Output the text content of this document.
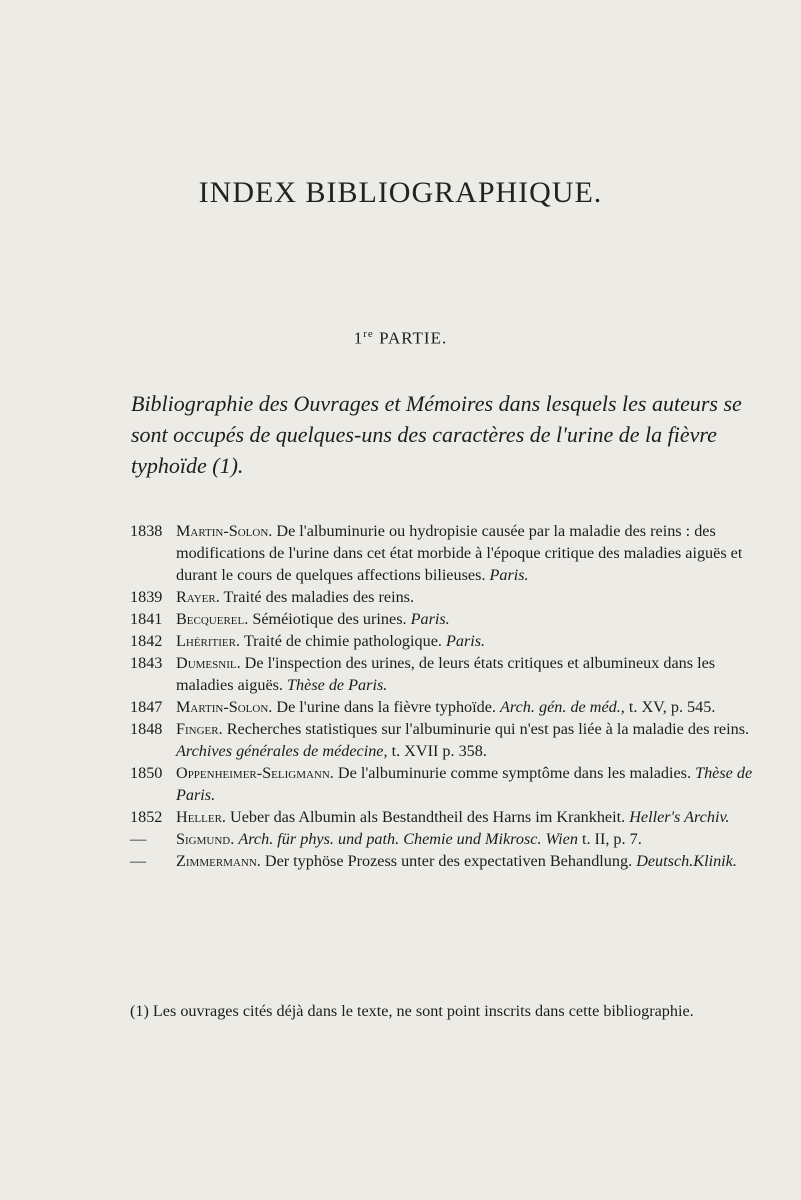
INDEX BIBLIOGRAPHIQUE.
1re PARTIE.
Bibliographie des Ouvrages et Mémoires dans lesquels les auteurs se sont occupés de quelques-uns des caractères de l'urine de la fièvre typhoïde (1).
1838 Martin-Solon. De l'albuminurie ou hydropisie causée par la maladie des reins : des modifications de l'urine dans cet état morbide à l'époque critique des maladies aiguës et durant le cours de quelques affections bilieuses. Paris.
1839 Rayer. Traité des maladies des reins.
1841 Becquerel. Séméiotique des urines. Paris.
1842 Lhéritier. Traité de chimie pathologique. Paris.
1843 Dumesnil. De l'inspection des urines, de leurs états critiques et albumineux dans les maladies aiguës. Thèse de Paris.
1847 Martin-Solon. De l'urine dans la fièvre typhoïde. Arch. gén. de méd., t. XV, p. 545.
1848 Finger. Recherches statistiques sur l'albuminurie qui n'est pas liée à la maladie des reins. Archives générales de médecine, t. XVII p. 358.
1850 Oppenheimer-Seligmann. De l'albuminurie comme symptôme dans les maladies. Thèse de Paris.
1852 Heller. Ueber das Albumin als Bestandtheil des Harns im Krankheit. Heller's Archiv.
— Sigmund. Arch. für phys. und path. Chemie und Mikrosc. Wien t. II, p. 7.
— Zimmermann. Der typhöse Prozess unter des expectativen Behandlung. Deutsch.Klinik.
(1) Les ouvrages cités déjà dans le texte, ne sont point inscrits dans cette bibliographie.
